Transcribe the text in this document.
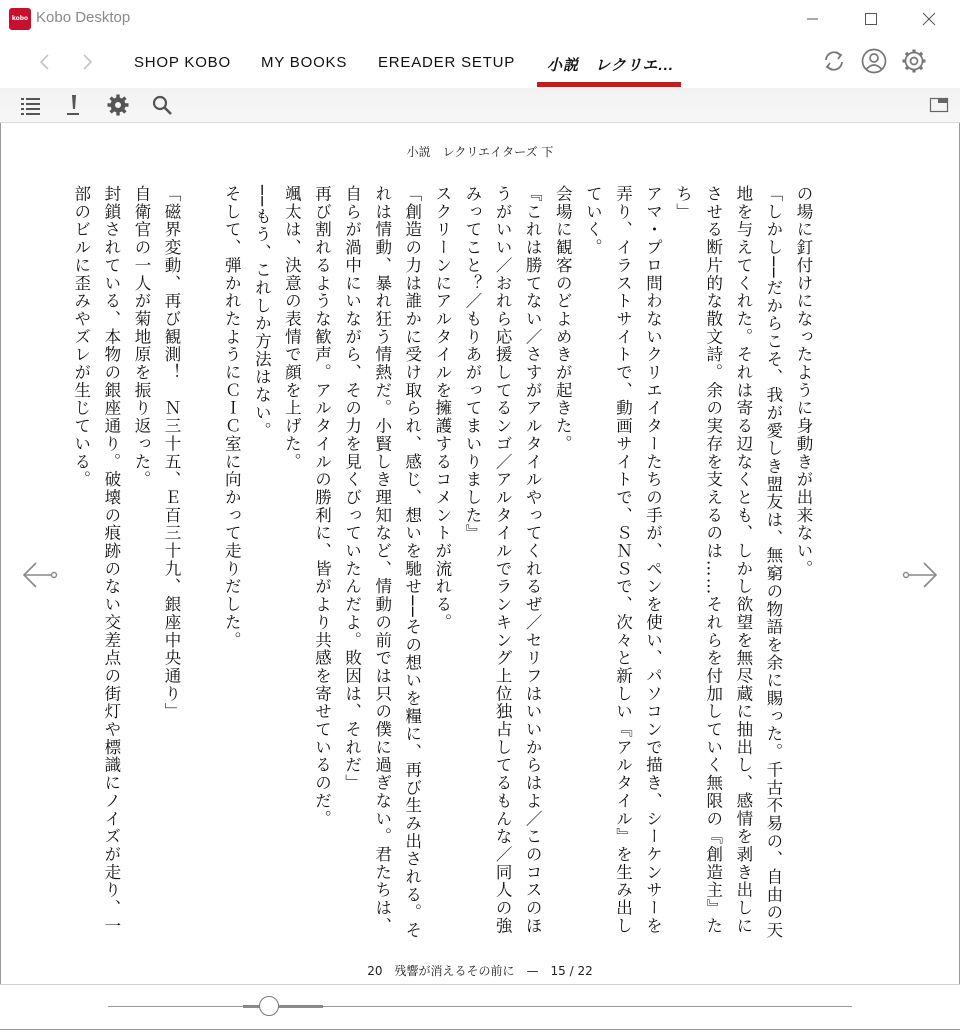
kobo Kobo Desktop
SHOP KOBO MY BOOKS EREADER SETUP 小説　レクリエ...
小説　レクリエイターズ 下

の場に釘付けになったように身動きが出来ない。

「しかし──だからこそ、我が愛しき盟友は、無窮の物語を余に賜った。千古不易の、自由の天地を与えてくれた。それは寄る辺なくとも、しかし欲望を無尽蔵に抽出し、感情を剥き出しにさせる断片的な散文詩。余の実存を支えるのは……それらを付加していく無限の『創造主』たち」

アマ・プロ問わないクリエイターたちの手が、ペンを使い、パソコンで描き、シーケンサーを弄り、イラストサイトで、動画サイトで、ＳＮＳで、次々と新しい『アルタイル』を生み出していく。

会場に観客のどよめきが起きた。

『これは勝てない／さすがアルタイルやってくれるぜ／セリフはいいからはよ／このコスのほうがいい／おれら応援してるンゴ／アルタイルでランキング上位独占してるもんな／同人の強みってこと？／もりあがってまいりました』

スクリーンにアルタイルを擁護するコメントが流れる。

「創造の力は誰かに受け取られ、感じ、想いを馳せ──その想いを糧に、再び生み出される。それは情動、暴れ狂う情熱だ。小賢しき理知など、情動の前では只の僕に過ぎない。君たちは、自らが渦中にいながら、その力を見くびっていたんだよ。敗因は、それだ」

再び割れるような歓声。アルタイルの勝利に、皆がより共感を寄せているのだ。

颯太は、決意の表情で顔を上げた。

──もう、これしか方法はない。

そして、弾かれたようにＣＩＣ室に向かって走りだした。

「磁界変動、再び観測！　Ｎ三十五、Ｅ百三十九、銀座中央通り」

自衛官の一人が菊地原を振り返った。

封鎖されている、本物の銀座通り。破壊の痕跡のない交差点の街灯や標識にノイズが走り、一部のビルに歪みやズレが生じている。

20　残響が消えるその前に　—　15 / 22
